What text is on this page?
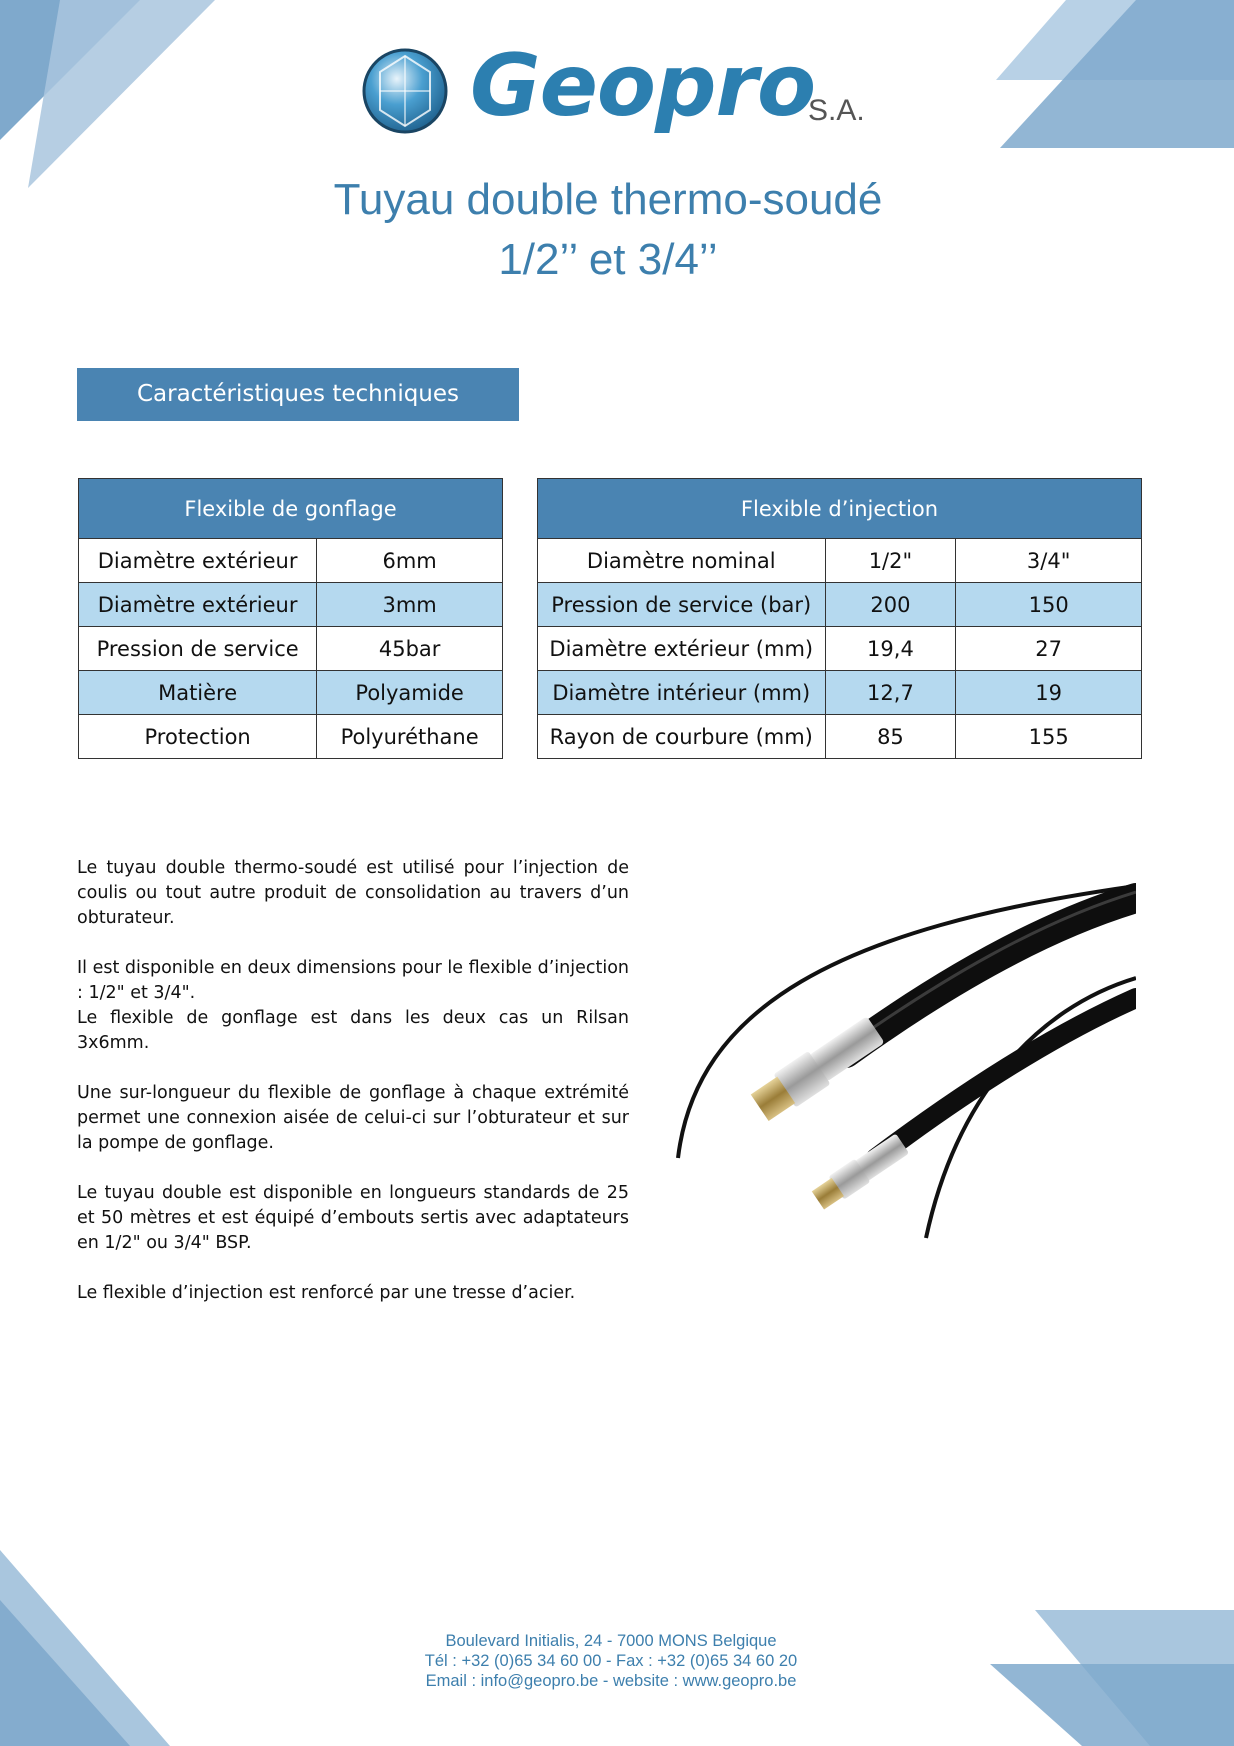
Geopro
S.A.
Tuyau double thermo-soudé
1/2’’ et 3/4’’
Caractéristiques techniques
Flexible de gonflage	
Diamètre extérieur	6mm
Diamètre extérieur	3mm
Pression de service	45bar
Matière	Polyamide
Protection	Polyuréthane
Flexible d’injection		
Diamètre nominal	1/2"	3/4"
Pression de service (bar)	200	150
Diamètre extérieur (mm)	19,4	27
Diamètre intérieur (mm)	12,7	19
Rayon de courbure (mm)	85	155

Le tuyau double thermo-soudé est utilisé pour l’injection de coulis ou tout autre produit de consolidation au travers d’un obturateur.

Il est disponible en deux dimensions pour le flexible d’injection : 1/2" et 3/4".

Le flexible de gonflage est dans les deux cas un Rilsan 3x6mm.

Une sur-longueur du flexible de gonflage à chaque extrémité permet une connexion aisée de celui-ci sur l’obturateur et sur la pompe de gonflage.

Le tuyau double est disponible en longueurs standards de 25 et 50 mètres et est équipé d’embouts sertis avec adaptateurs en 1/2" ou 3/4" BSP.

Le flexible d’injection est renforcé par une tresse d’acier.

Boulevard Initialis, 24 - 7000 MONS Belgique
Tél : +32 (0)65 34 60 00 - Fax : +32 (0)65 34 60 20
Email : info@geopro.be - website : www.geopro.be
